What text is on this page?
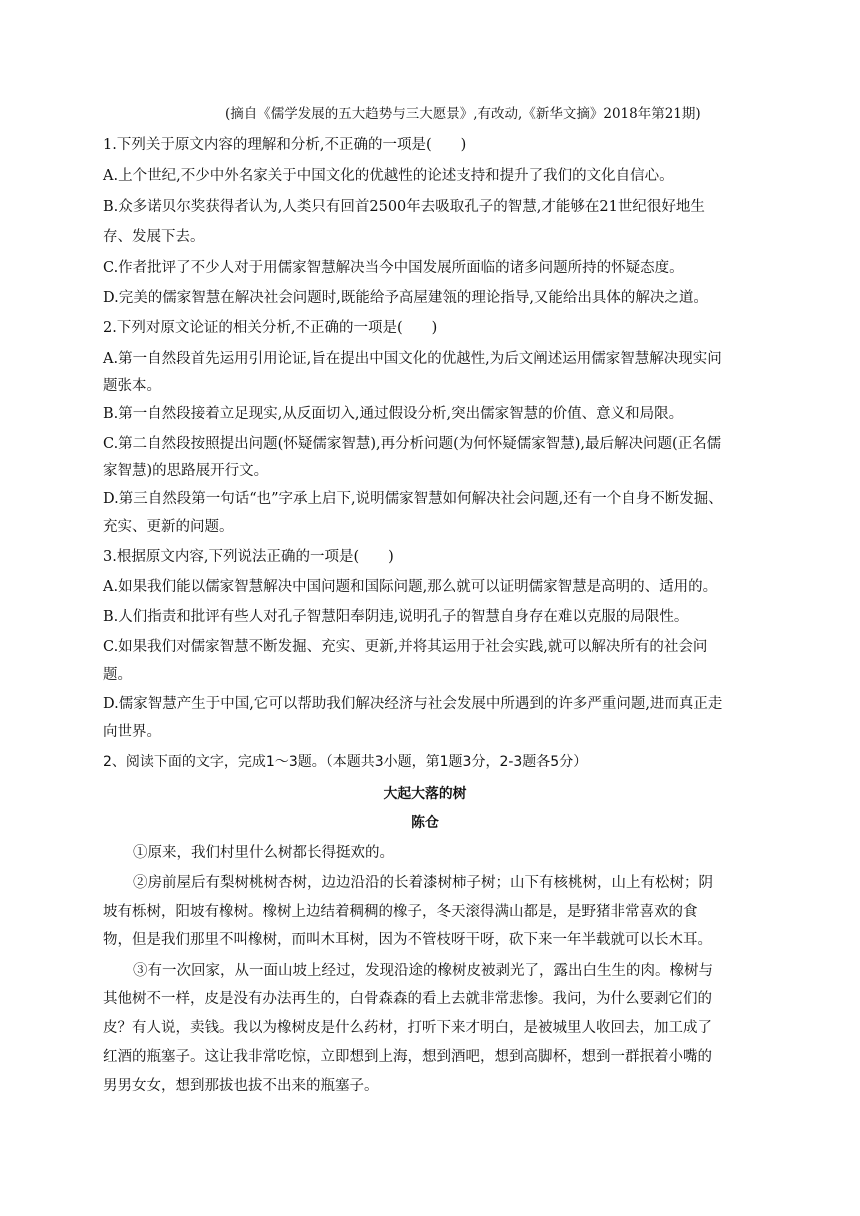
(摘自《儒学发展的五大趋势与三大愿景》,有改动,《新华文摘》2018年第21期)
1.下列关于原文内容的理解和分析,不正确的一项是(　　)
A.上个世纪,不少中外名家关于中国文化的优越性的论述支持和提升了我们的文化自信心。
B.众多诺贝尔奖获得者认为,人类只有回首2500年去吸取孔子的智慧,才能够在21世纪很好地生
存、发展下去。
C.作者批评了不少人对于用儒家智慧解决当今中国发展所面临的诸多问题所持的怀疑态度。
D.完美的儒家智慧在解决社会问题时,既能给予高屋建瓴的理论指导,又能给出具体的解决之道。
2.下列对原文论证的相关分析,不正确的一项是(　　)
A.第一自然段首先运用引用论证,旨在提出中国文化的优越性,为后文阐述运用儒家智慧解决现实问
题张本。
B.第一自然段接着立足现实,从反面切入,通过假设分析,突出儒家智慧的价值、意义和局限。
C.第二自然段按照提出问题(怀疑儒家智慧),再分析问题(为何怀疑儒家智慧),最后解决问题(正名儒
家智慧)的思路展开行文。
D.第三自然段第一句话“也”字承上启下,说明儒家智慧如何解决社会问题,还有一个自身不断发掘、
充实、更新的问题。
3.根据原文内容,下列说法正确的一项是(　　)
A.如果我们能以儒家智慧解决中国问题和国际问题,那么就可以证明儒家智慧是高明的、适用的。
B.人们指责和批评有些人对孔子智慧阳奉阴违,说明孔子的智慧自身存在难以克服的局限性。
C.如果我们对儒家智慧不断发掘、充实、更新,并将其运用于社会实践,就可以解决所有的社会问
题。
D.儒家智慧产生于中国,它可以帮助我们解决经济与社会发展中所遇到的许多严重问题,进而真正走
向世界。
2、阅读下面的文字，完成1～3题。（本题共3小题，第1题3分，2-3题各5分）
大起大落的树
陈仓
①原来，我们村里什么树都长得挺欢的。
②房前屋后有梨树桃树杏树，边边沿沿的长着漆树柿子树；山下有核桃树，山上有松树；阴
坡有栎树，阳坡有橡树。橡树上边结着稠稠的橡子，冬天滚得满山都是，是野猪非常喜欢的食
物，但是我们那里不叫橡树，而叫木耳树，因为不管枝呀干呀，砍下来一年半载就可以长木耳。
③有一次回家，从一面山坡上经过，发现沿途的橡树皮被剥光了，露出白生生的肉。橡树与
其他树不一样，皮是没有办法再生的，白骨森森的看上去就非常悲惨。我问，为什么要剥它们的
皮？有人说，卖钱。我以为橡树皮是什么药材，打听下来才明白，是被城里人收回去，加工成了
红酒的瓶塞子。这让我非常吃惊，立即想到上海，想到酒吧，想到高脚杯，想到一群抿着小嘴的
男男女女，想到那拔也拔不出来的瓶塞子。
